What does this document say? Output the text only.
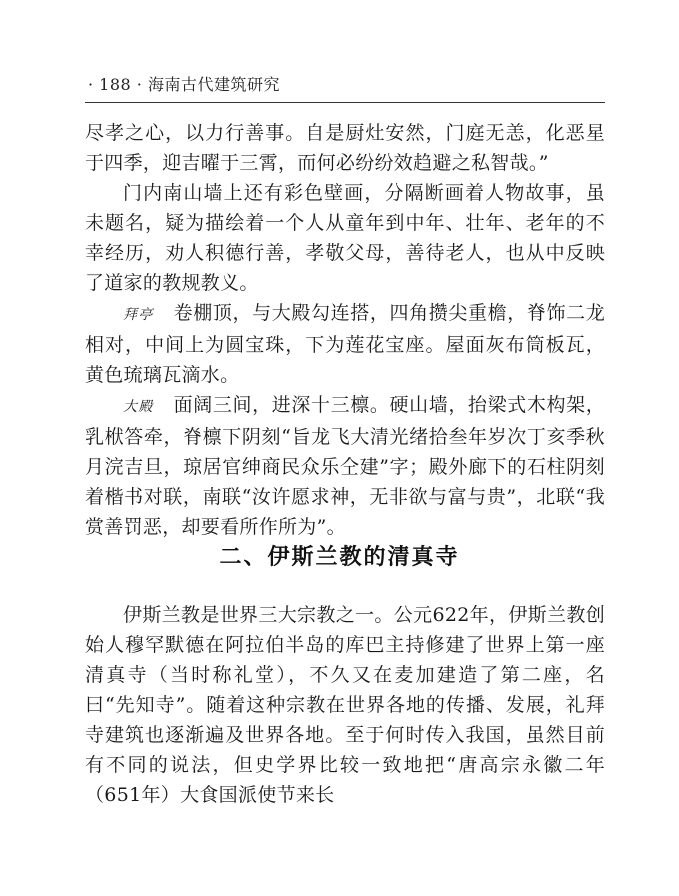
· 188 · 海南古代建筑研究

尽孝之心，以力行善事。自是厨灶安然，门庭无恙，化恶星于四季，迎吉曜于三霄，而何必纷纷效趋避之私智哉。”

门内南山墙上还有彩色壁画，分隔断画着人物故事，虽未题名，疑为描绘着一个人从童年到中年、壮年、老年的不幸经历，劝人积德行善，孝敬父母，善待老人，也从中反映了道家的教规教义。

拜亭 卷棚顶，与大殿勾连搭，四角攒尖重檐，脊饰二龙相对，中间上为圆宝珠，下为莲花宝座。屋面灰布筒板瓦，黄色琉璃瓦滴水。

大殿 面阔三间，进深十三檩。硬山墙，抬梁式木构架，乳栿答牵，脊檩下阴刻“旨龙飞大清光绪拾叁年岁次丁亥季秋月浣吉旦，琼居官绅商民众乐仝建”字；殿外廊下的石柱阴刻着楷书对联，南联“汝许愿求神，无非欲与富与贵”，北联“我赏善罚恶，却要看所作所为”。

二、伊斯兰教的清真寺

伊斯兰教是世界三大宗教之一。公元622年，伊斯兰教创始人穆罕默德在阿拉伯半岛的库巴主持修建了世界上第一座清真寺（当时称礼堂），不久又在麦加建造了第二座，名曰“先知寺”。随着这种宗教在世界各地的传播、发展，礼拜寺建筑也逐渐遍及世界各地。至于何时传入我国，虽然目前有不同的说法，但史学界比较一致地把“唐高宗永徽二年（651年）大食国派使节来长
